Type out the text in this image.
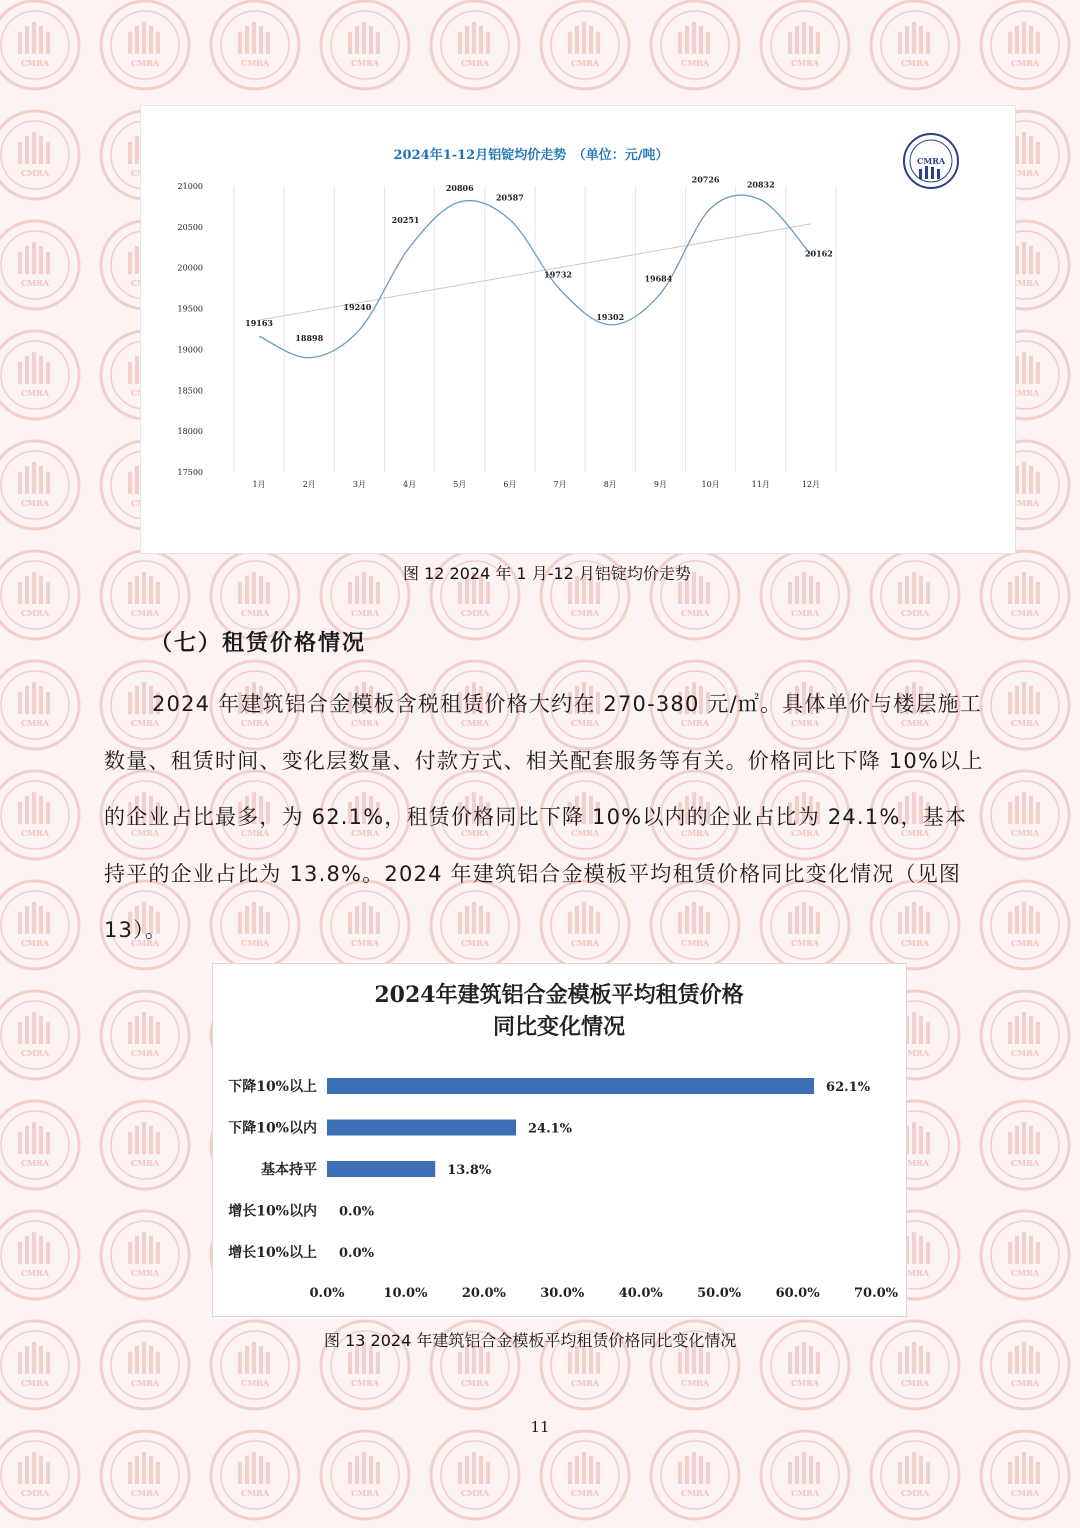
2024年1-12月铝锭均价走势　（单位：元/吨）	CMRA
21000
20500
20000
19500
19000
18500
18000
17500
1月	2月	3月	4月	5月	6月	7月	8月	9月	10月	11月	12月
19163
18898
19240
20251
20806
20587
19732
19302
19684
20726
20832
20162
图 12 2024 年 1 月-12 月铝锭均价走势
（七）租赁价格情况
2024 年建筑铝合金模板含税租赁价格大约在 270-380 元/㎡。具体单价与楼层施工数量、租赁时间、变化层数量、付款方式、相关配套服务等有关。价格同比下降 10%以上的企业占比最多，为 62.1%，租赁价格同比下降 10%以内的企业占比为 24.1%，基本持平的企业占比为 13.8%。2024 年建筑铝合金模板平均租赁价格同比变化情况（见图 13）。
2024年建筑铝合金模板平均租赁价格
同比变化情况
下降10%以上
下降10%以内
基本持平
增长10%以内
增长10%以上
62.1%
24.1%
13.8%
0.0%
0.0%
0.0%	10.0%	20.0%	30.0%	40.0%	50.0%	60.0%	70.0%
图 13 2024 年建筑铝合金模板平均租赁价格同比变化情况
11
